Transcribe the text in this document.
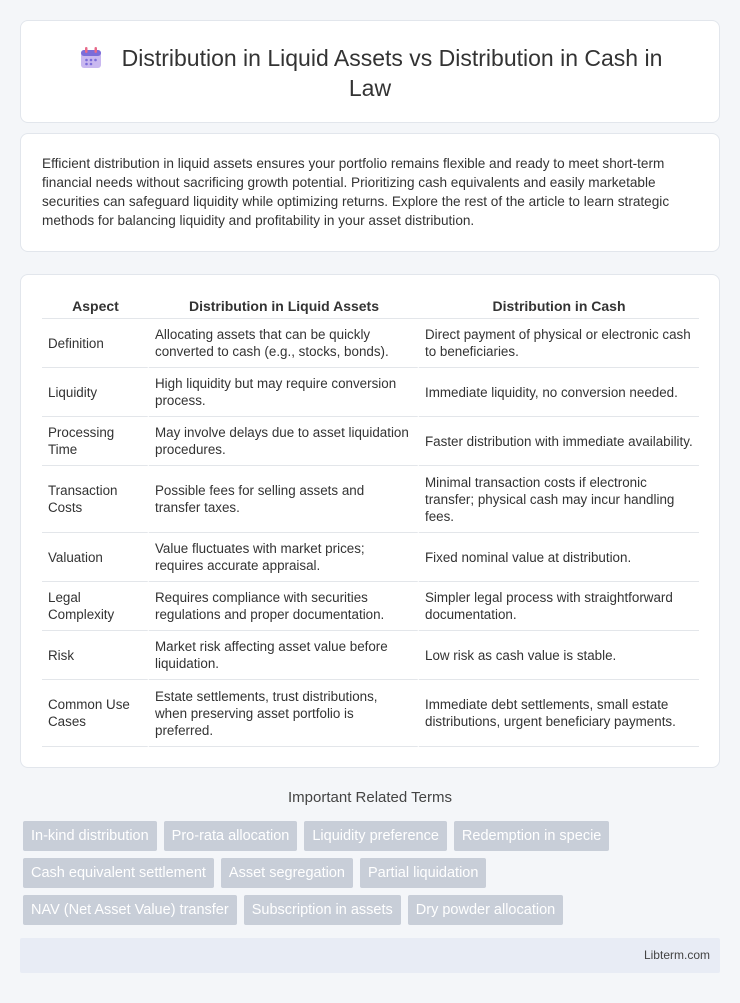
Distribution in Liquid Assets vs Distribution in Cash in Law

Efficient distribution in liquid assets ensures your portfolio remains flexible and ready to meet short-term financial needs without sacrificing growth potential. Prioritizing cash equivalents and easily marketable securities can safeguard liquidity while optimizing returns. Explore the rest of the article to learn strategic methods for balancing liquidity and profitability in your asset distribution.

Aspect	Distribution in Liquid Assets	Distribution in Cash
Definition	Allocating assets that can be quickly converted to cash (e.g., stocks, bonds).	Direct payment of physical or electronic cash to beneficiaries.
Liquidity	High liquidity but may require conversion process.	Immediate liquidity, no conversion needed.
Processing Time	May involve delays due to asset liquidation procedures.	Faster distribution with immediate availability.
Transaction Costs	Possible fees for selling assets and transfer taxes.	Minimal transaction costs if electronic transfer; physical cash may incur handling fees.
Valuation	Value fluctuates with market prices; requires accurate appraisal.	Fixed nominal value at distribution.
Legal Complexity	Requires compliance with securities regulations and proper documentation.	Simpler legal process with straightforward documentation.
Risk	Market risk affecting asset value before liquidation.	Low risk as cash value is stable.
Common Use Cases	Estate settlements, trust distributions, when preserving asset portfolio is preferred.	Immediate debt settlements, small estate distributions, urgent beneficiary payments.
Important Related Terms
In-kind distribution	Pro-rata allocation	Liquidity preference	Redemption in specie
Cash equivalent settlement	Asset segregation	Partial liquidation
NAV (Net Asset Value) transfer	Subscription in assets	Dry powder allocation
Libterm.com
